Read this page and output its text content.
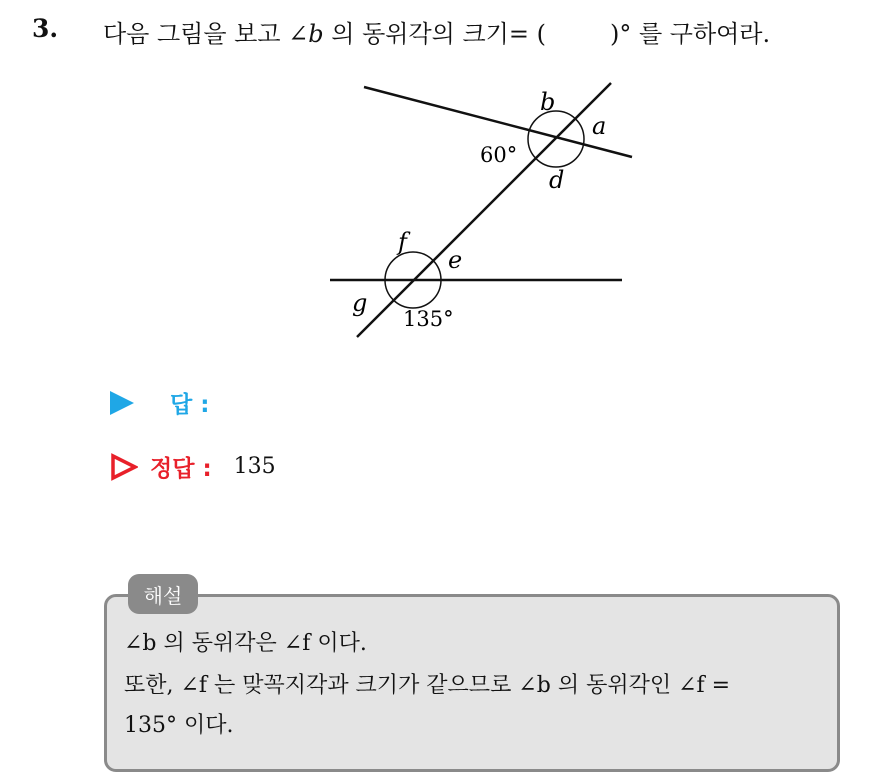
3. 다음 그림을 보고 ∠b 의 동위각의 크기= (	)° 를 구하여라.
b
a
60°
d
f
e
g
135°
답 :
정답 : 135
해설
∠b 의 동위각은 ∠f 이다.
또한, ∠f 는 맞꼭지각과 크기가 같으므로 ∠b 의 동위각인 ∠f =
135° 이다.
